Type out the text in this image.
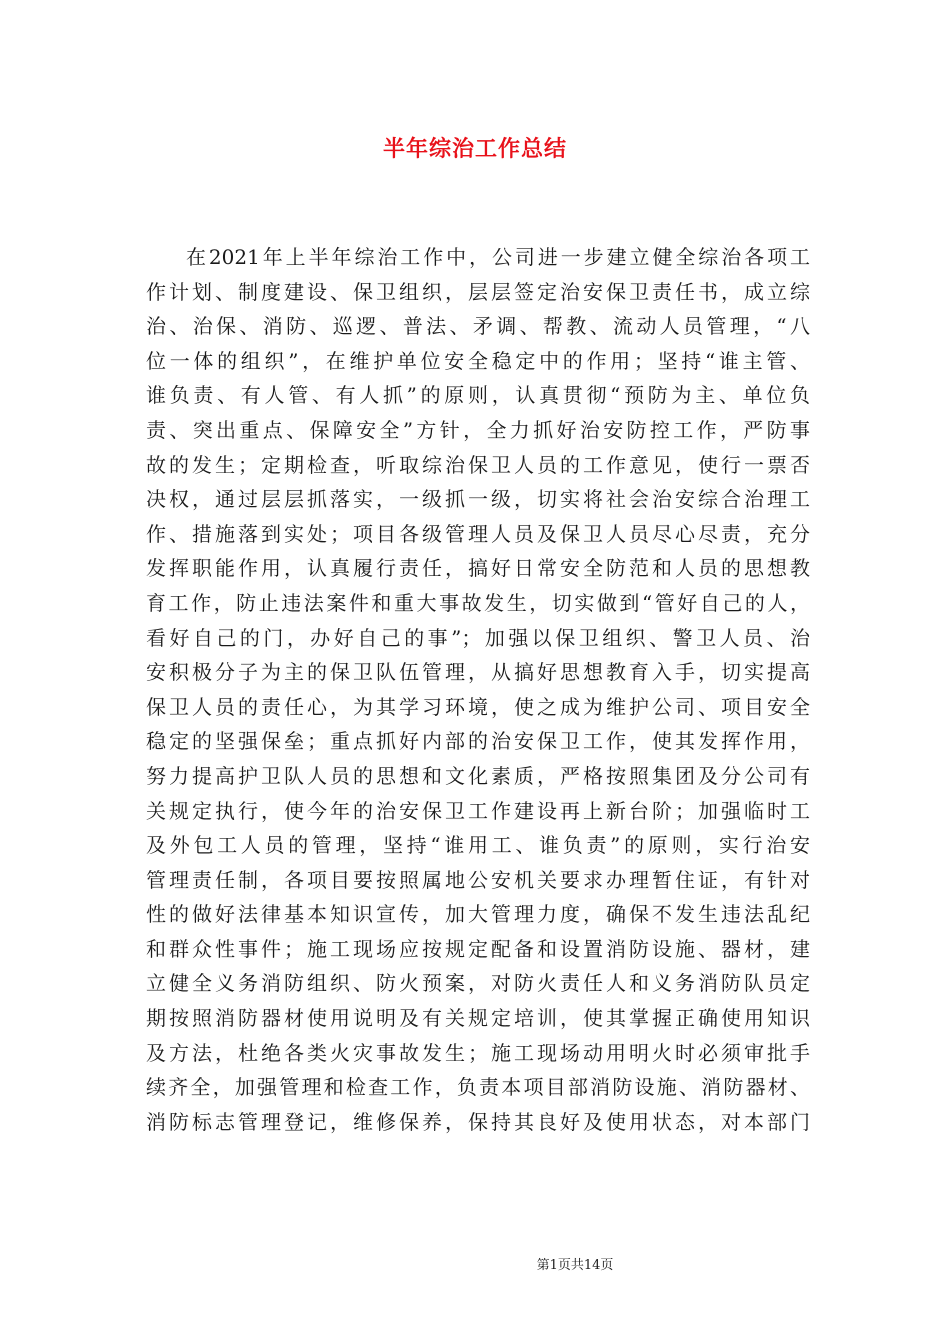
半年综治工作总结
在2021年上半年综治工作中，公司进一步建立健全综治各项工
作计划、制度建设、保卫组织，层层签定治安保卫责任书，成立综
治、治保、消防、巡逻、普法、矛调、帮教、流动人员管理，“八
位一体的组织”，在维护单位安全稳定中的作用；坚持“谁主管、
谁负责、有人管、有人抓”的原则，认真贯彻“预防为主、单位负
责、突出重点、保障安全”方针，全力抓好治安防控工作，严防事
故的发生；定期检查，听取综治保卫人员的工作意见，使行一票否
决权，通过层层抓落实，一级抓一级，切实将社会治安综合治理工
作、措施落到实处；项目各级管理人员及保卫人员尽心尽责，充分
发挥职能作用，认真履行责任，搞好日常安全防范和人员的思想教
育工作，防止违法案件和重大事故发生，切实做到“管好自己的人，
看好自己的门，办好自己的事”；加强以保卫组织、警卫人员、治
安积极分子为主的保卫队伍管理，从搞好思想教育入手，切实提高
保卫人员的责任心，为其学习环境，使之成为维护公司、项目安全
稳定的坚强保垒；重点抓好内部的治安保卫工作，使其发挥作用，
努力提高护卫队人员的思想和文化素质，严格按照集团及分公司有
关规定执行，使今年的治安保卫工作建设再上新台阶；加强临时工
及外包工人员的管理，坚持“谁用工、谁负责”的原则，实行治安
管理责任制，各项目要按照属地公安机关要求办理暂住证，有针对
性的做好法律基本知识宣传，加大管理力度，确保不发生违法乱纪
和群众性事件；施工现场应按规定配备和设置消防设施、器材，建
立健全义务消防组织、防火预案，对防火责任人和义务消防队员定
期按照消防器材使用说明及有关规定培训，使其掌握正确使用知识
及方法，杜绝各类火灾事故发生；施工现场动用明火时必须审批手
续齐全，加强管理和检查工作，负责本项目部消防设施、消防器材、
消防标志管理登记，维修保养，保持其良好及使用状态，对本部门
第1页共14页
